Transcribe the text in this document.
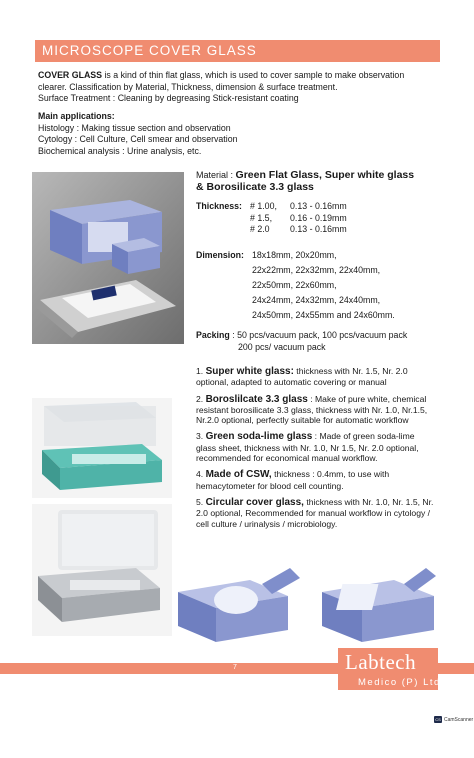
MICROSCOPE COVER GLASS
COVER GLASS is a kind of thin flat glass, which is used to cover sample to make observation
clearer. Classification by Material, Thickness, dimension & surface treatment.
Surface Treatment : Cleaning by degreasing Stick-resistant coating
Main applications:
Histology : Making tissue section and observation
Cytology : Cell Culture, Cell smear and observation
Biochemical analysis : Urine analysis, etc.
Material : Green Flat Glass, Super white glass
& Borosilicate 3.3 glass
Thickness: # 1.00,	0.13 - 0.16mm
# 1.5,	0.16 - 0.19mm
# 2.0	0.13 - 0.16mm
Dimension: 18x18mm, 20x20mm,
22x22mm, 22x32mm, 22x40mm,
22x50mm, 22x60mm,
24x24mm, 24x32mm, 24x40mm,
24x50mm, 24x55mm and 24x60mm.
Packing : 50 pcs/vacuum pack, 100 pcs/vacuum pack
200 pcs/ vacuum pack
1. Super white glass: thickness with Nr. 1.5, Nr. 2.0 optional, adapted to automatic covering or manual
2. Boroslilcate 3.3 glass : Make of pure white, chemical resistant borosilicate 3.3 glass, thickness with Nr. 1.0, Nr.1.5, Nr.2.0 optional, perfectly suitable for automatic workflow
3. Green soda-lime glass : Made of green soda-lime glass sheet, thickness with Nr. 1.0, Nr 1.5, Nr. 2.0 optional, recommended for economical manual workflow.
4. Made of CSW, thickness : 0.4mm, to use with hemacytometer for blood cell counting.
5. Circular cover glass, thickness with Nr. 1.0, Nr. 1.5, Nr. 2.0 optional, Recommended for manual workflow in cytology / cell culture / urinalysis / microbiology.
7	Labtech
Medico (P) Ltd.
CS CamScanner
